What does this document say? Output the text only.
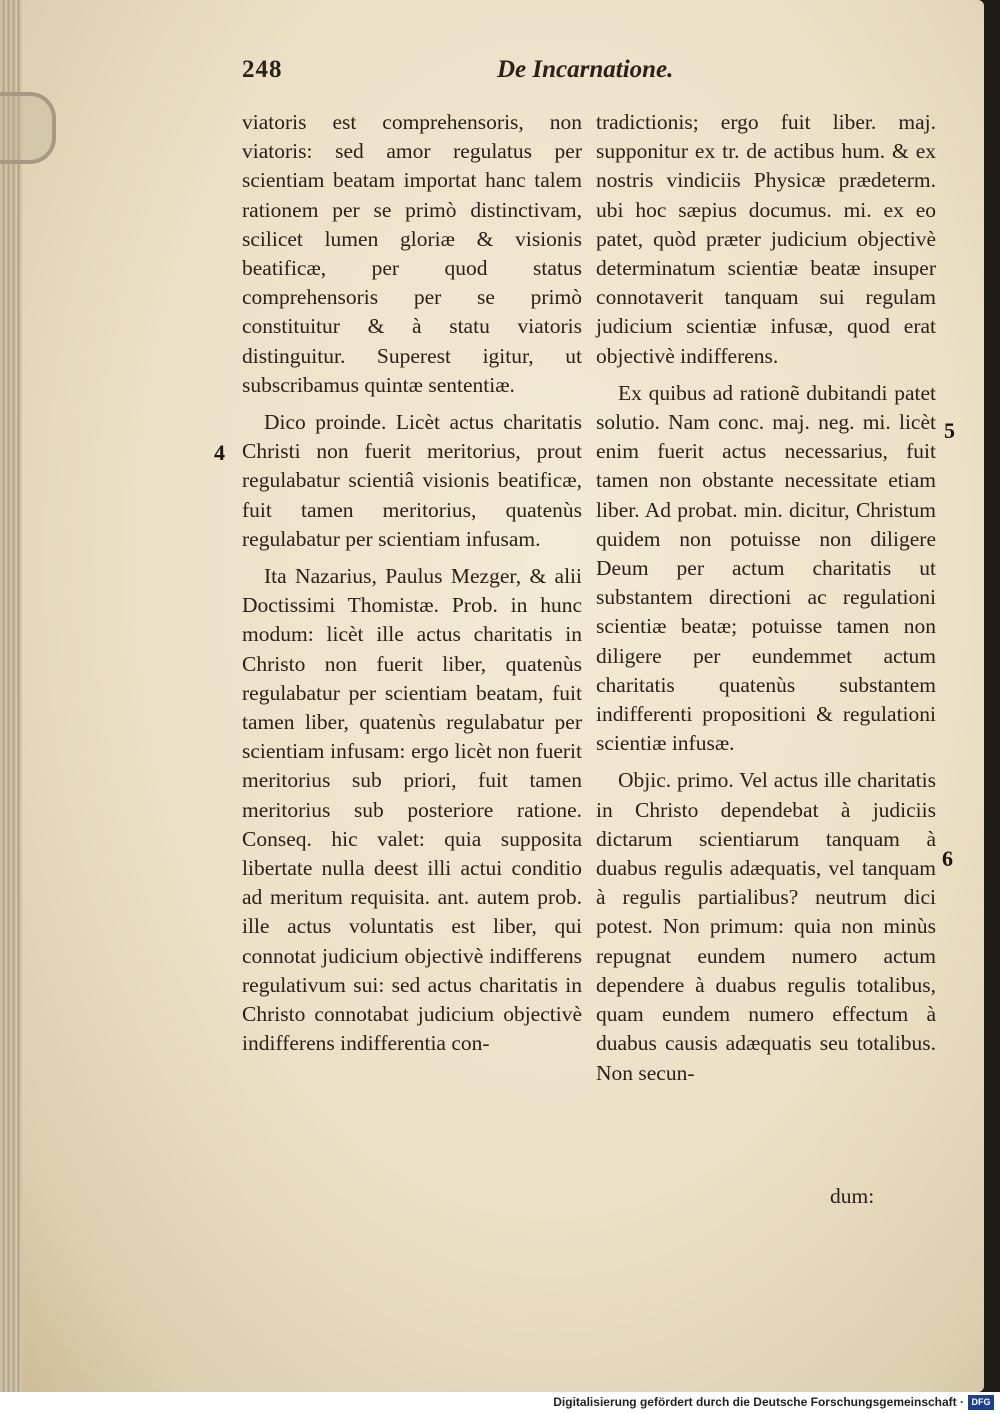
248	De Incarnatione.
4
5
6

viatoris est comprehensoris, non viatoris: sed amor regulatus per scientiam beatam importat hanc talem rationem per se primò distinctivam, scilicet lumen gloriæ & visionis beatificæ, per quod status comprehensoris per se primò constituitur & à statu viatoris distinguitur. Superest igitur, ut subscribamus quintæ sententiæ.

Dico proinde. Licèt actus charitatis Christi non fuerit meritorius, prout regulabatur scientiâ visionis beatificæ, fuit tamen meritorius, quatenùs regulabatur per scientiam infusam.

Ita Nazarius, Paulus Mezger, & alii Doctissimi Thomistæ. Prob. in hunc modum: licèt ille actus charitatis in Christo non fuerit liber, quatenùs regulabatur per scientiam beatam, fuit tamen liber, quatenùs regulabatur per scientiam infusam: ergo licèt non fuerit meritorius sub priori, fuit tamen meritorius sub posteriore ratione. Conseq. hic valet: quia supposita libertate nulla deest illi actui conditio ad meritum requisita. ant. autem prob. ille actus voluntatis est liber, qui connotat judicium objectivè indifferens regulativum sui: sed actus charitatis in Christo connotabat judicium objectivè indifferens indifferentia con-

tradictionis; ergo fuit liber. maj. supponitur ex tr. de actibus hum. & ex nostris vindiciis Physicæ prædeterm. ubi hoc sæpius documus. mi. ex eo patet, quòd præter judicium objectivè determinatum scientiæ beatæ insuper connotaverit tanquam sui regulam judicium scientiæ infusæ, quod erat objectivè indifferens.

Ex quibus ad rationẽ dubitandi patet solutio. Nam conc. maj. neg. mi. licèt enim fuerit actus necessarius, fuit tamen non obstante necessitate etiam liber. Ad probat. min. dicitur, Christum quidem non potuisse non diligere Deum per actum charitatis ut substantem directioni ac regulationi scientiæ beatæ; potuisse tamen non diligere per eundemmet actum charitatis quatenùs substantem indifferenti propositioni & regulationi scientiæ infusæ.

Objic. primo. Vel actus ille charitatis in Christo dependebat à judiciis dictarum scientiarum tanquam à duabus regulis adæquatis, vel tanquam à regulis partialibus? neutrum dici potest. Non primum: quia non minùs repugnat eundem numero actum dependere à duabus regulis totalibus, quam eundem numero effectum à duabus causis adæquatis seu totalibus. Non secun-

dum:
Digitalisierung gefördert durch die Deutsche Forschungsgemeinschaft · DFG
